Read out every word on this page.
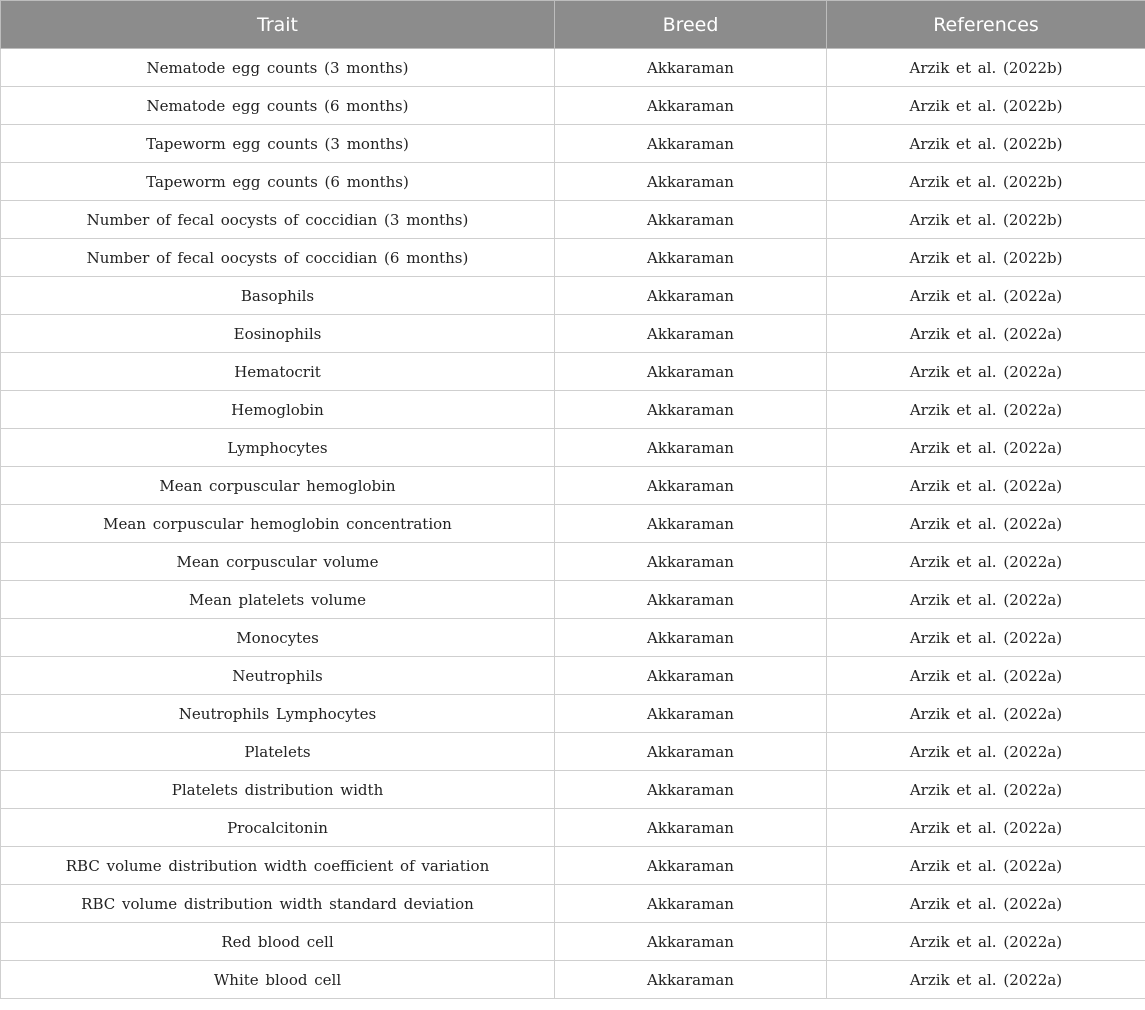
Trait	Breed	References
Nematode egg counts (3 months)	Akkaraman	Arzik et al. (2022b)
Nematode egg counts (6 months)	Akkaraman	Arzik et al. (2022b)
Tapeworm egg counts (3 months)	Akkaraman	Arzik et al. (2022b)
Tapeworm egg counts (6 months)	Akkaraman	Arzik et al. (2022b)
Number of fecal oocysts of coccidian (3 months)	Akkaraman	Arzik et al. (2022b)
Number of fecal oocysts of coccidian (6 months)	Akkaraman	Arzik et al. (2022b)
Basophils	Akkaraman	Arzik et al. (2022a)
Eosinophils	Akkaraman	Arzik et al. (2022a)
Hematocrit	Akkaraman	Arzik et al. (2022a)
Hemoglobin	Akkaraman	Arzik et al. (2022a)
Lymphocytes	Akkaraman	Arzik et al. (2022a)
Mean corpuscular hemoglobin	Akkaraman	Arzik et al. (2022a)
Mean corpuscular hemoglobin concentration	Akkaraman	Arzik et al. (2022a)
Mean corpuscular volume	Akkaraman	Arzik et al. (2022a)
Mean platelets volume	Akkaraman	Arzik et al. (2022a)
Monocytes	Akkaraman	Arzik et al. (2022a)
Neutrophils	Akkaraman	Arzik et al. (2022a)
Neutrophils Lymphocytes	Akkaraman	Arzik et al. (2022a)
Platelets	Akkaraman	Arzik et al. (2022a)
Platelets distribution width	Akkaraman	Arzik et al. (2022a)
Procalcitonin	Akkaraman	Arzik et al. (2022a)
RBC volume distribution width coefficient of variation	Akkaraman	Arzik et al. (2022a)
RBC volume distribution width standard deviation	Akkaraman	Arzik et al. (2022a)
Red blood cell	Akkaraman	Arzik et al. (2022a)
White blood cell	Akkaraman	Arzik et al. (2022a)
